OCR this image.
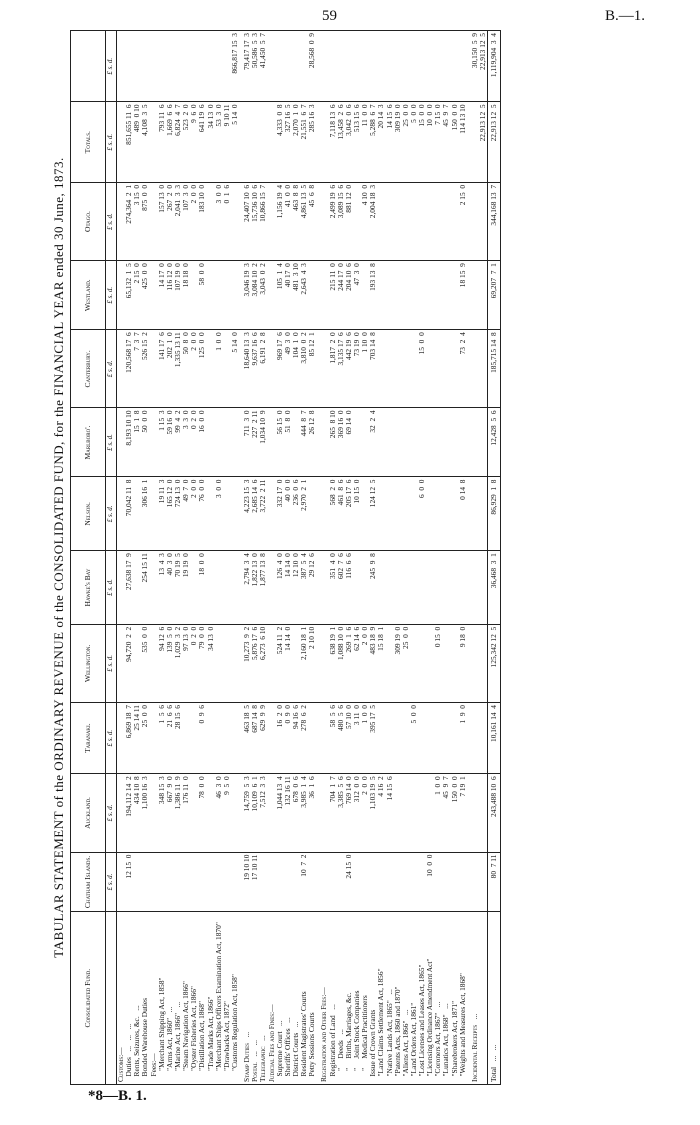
59	B.—1.
TABULAR STATEMENT of the ORDINARY REVENUE of the CONSOLIDATED FUND, for the FINANCIAL YEAR ended 30 June, 1873.
Consolidated Fund.	Chatham Islands.	Auckland.	Taranaki.	Wellington.	Hawke's Bay	Nelson.	Marlboro'.	Canterbury.	Westland.	Otago.	Totals.	
	£ s. d.	£ s. d.	£ s. d.	£ s. d.	£ s. d.	£ s. d.	£ s. d.	£ s. d.	£ s. d.	£ s. d.	£ s. d.	£ s. d.
Customs:—												
Duties   ...   ...   ...	12 15  0	194,112 14  2	6,869 18  7	94,720  2  2	27,638 17  9	70,042 11  8	8,193 10 10	120,568 17  6	65,132  1  5	274,364  2  1	851,655 11  6	
Rents, Seizures, &c.   ...		434 10  8	25 14 11				15  1  8	7  3  7	2 15  0	3 15  0	489  0 10	
Bonded Warehouse Duties		1,100 16  3	25  0  0	535  0  0	254 15 11	306 16  1	50  0  0	526 15  2	425  0  0	875  0  0	4,108  3  5	
Fees:—												
"Merchant Shipping Act, 1858"		348 15  3	1  5  6	94 12  6	13  4  3	19 11  3	1 15  3	141 17  6	14 17  0	157 13  0	793 11  6	
"Arms Act, 1860"   ...		667  9  0	21  6  6	139  5  0	40  3  0	165 12  0	59 16  0	202  1  0	116 12  0	267  2  0	1,669  6  6	
"Marine Act, 1866"   ...		1,386 11  9	28 15  6	1,029  3  2	70 19  5	724 13  0	99  4  2	1,335 13 11	107 19  0	2,041  3  3	6,824  4  7	
"Steam Navigation Act, 1866"		176 11  0		97 13  0	19 19  0	49  7  0	3  3  0	50  8  0	18 18  0	107  3  0	523  2  0	
"Oyster Fisheries Act, 1866"				0  2  0		2  0  0	0  2  0	2  0  0		2  0  0	9  6  0	
"Distillation Act, 1868"		78  0  0	0  9  6	79  0  0	18  0  0	76  0  0	16  0  0	125  0  0	58  0  0	183 10  0	641 19  6	
"Trade Marks Act, 1866"				34 13  0							34 13  0	
"Merchant Ships Officers Examination Act, 1870"		46  3  0				3  0  0		1  0  0		3  0  0	53  3  0	
"Drawbacks Act, 1872"		9  5  0								0  1  6	9 10 11	
"Customs Regulation Act, 1858"								5 14  0			5 14  0	866,817 15  3

Stamp Duties   ...	19 10 10	14,759  5  3	463 18  5	10,273  9  2	2,794  3  4	4,223 15  3	711  3  0	18,640 13  3	3,046 19  3	24,407 10  6		79,417 17  3
Postal   ...   ...	17 10 11	10,109  6  1	687 14  8	5,876 17  6	1,822 13  0	2,685 14  6	227  2 11	9,637 16  6	3,084 10  2	15,736 10  6		50,586  5  3
Telegraphic   ...		7,512  3  3	629  9  9	6,273  6 10	1,877 13  8	3,722  2 11	1,034 10  9	6,191  2  8	3,043  0  2	10,866 15  7		41,450  5  7
Judicial Fees and Fines:—												
Supreme Court   ...		1,044 13  4	16  2  0	524 11  2	126  4  0	332 17  0	56 15  0	969 17  6	105  1  4	1,156 19  4	4,333  0  8	
Sheriffs' Offices   ...		132 16 11	0  9  0	14 14  0	14 14  0	40  0  0	51  8  0	49  3  0	40 17  0	41  0  0	327 16  5	
District Courts   ...		678  0  6	94 16  6		12 10  0	236  0  6		104  1  0	481  3 10	463  8  8	2,070  1  0	
Resident Magistrates' Courts	10  7  2	3,985  1  4	278  6  2	2,160 18  1	387  5  4	2,970  2  1	444  8  7	3,810  0  2	2,643  4  3	4,861 13  5	21,551  6  7	
Petty Sessions Courts		36  1  6		2 10 10	29 12  6		26 12  8	85 12  1		45  6  8	285 16  3	28,568  0  9

Registration and Other Fees:—												
Registration of Land   ...		704  1  7	58  5  6	638 19  1	351  4  0	568  2  0	265  8 10	1,817  2  0	215 11  0	2,499 19  6	7,118 13  6	
"     Deeds   ...		3,385  5  6	480  5  6	1,088 10  0	602  7  6	461  8  6	369 16  0	3,135 17  6	244 17  0	3,089 15  6	13,458  2  6	
"     Births, Marriages, &c.	24 15  0	769 14  0	57 10  0	269  1  6	116  6  6	205 17  6	69 14  0	442 19  6	204 10  6	881 12  0	3,042  0  6	
"     Joint Stock Companies		312  0  0	3 11  0	62 14  6		10 15  0		73 19  0	47  3  0		513 15  6	
"     Medical Practitioners		2  0  0	1  0  0	2  0  0				1 10  0		4 10  0	11  0  0	
Issue of Crown Grants		1,103 19  5	395 17  5	483 18  9	245  9  8	124 12  5	32  2  4	703 14  8	193 13  8	2,004 18  3	5,288  6  7	
"Land Claims Settlement Act, 1856"		4 16  2		15 18  1							20 14  3	
"Native Lands Act, 1865"   ...		14 15  6									14 15  6	
"Patents Acts, 1860 and 1870"				309 19  0							309 19  0	
"Aliens Act, 1866"   ...				25  0  0							25  0  0	
"Land Orders Act, 1861"			5  0  0								5  0  0	
"Lost Licenses and Leases Act, 1865"						6  0  0		15  0  0			15  0  0	
"Licensing Ordinance Amendment Act"	10  0  0										10  0  0	
"Coroners Act, 1867"   ...		1  0  0		0 15  0							7 15  0	
"Lunatics Act, 1868"   ...		45  9  7									45  9  7	
"Sharebrokers Act, 1871"		150  0  0									150  0  0	
"Weights and Measures Act, 1868"		7 19  1	1  9  0	9 18  0		0 14  8		73  2  4	18 15  9	2 15  0	114 13 10	

Incidental Receipts   ...												30,150  5  9
											22,913 12  5	22,913 12  5
Total   ...   ...	80  7 11	243,488 10  6	10,161 14  4	125,342 12  5	36,468  3  1	86,929  1  8	12,428  5  6	185,715 14  8	69,207  7  1	344,168 13  7	22,913 12  5	1,119,904  3  4
*8—B. 1.
